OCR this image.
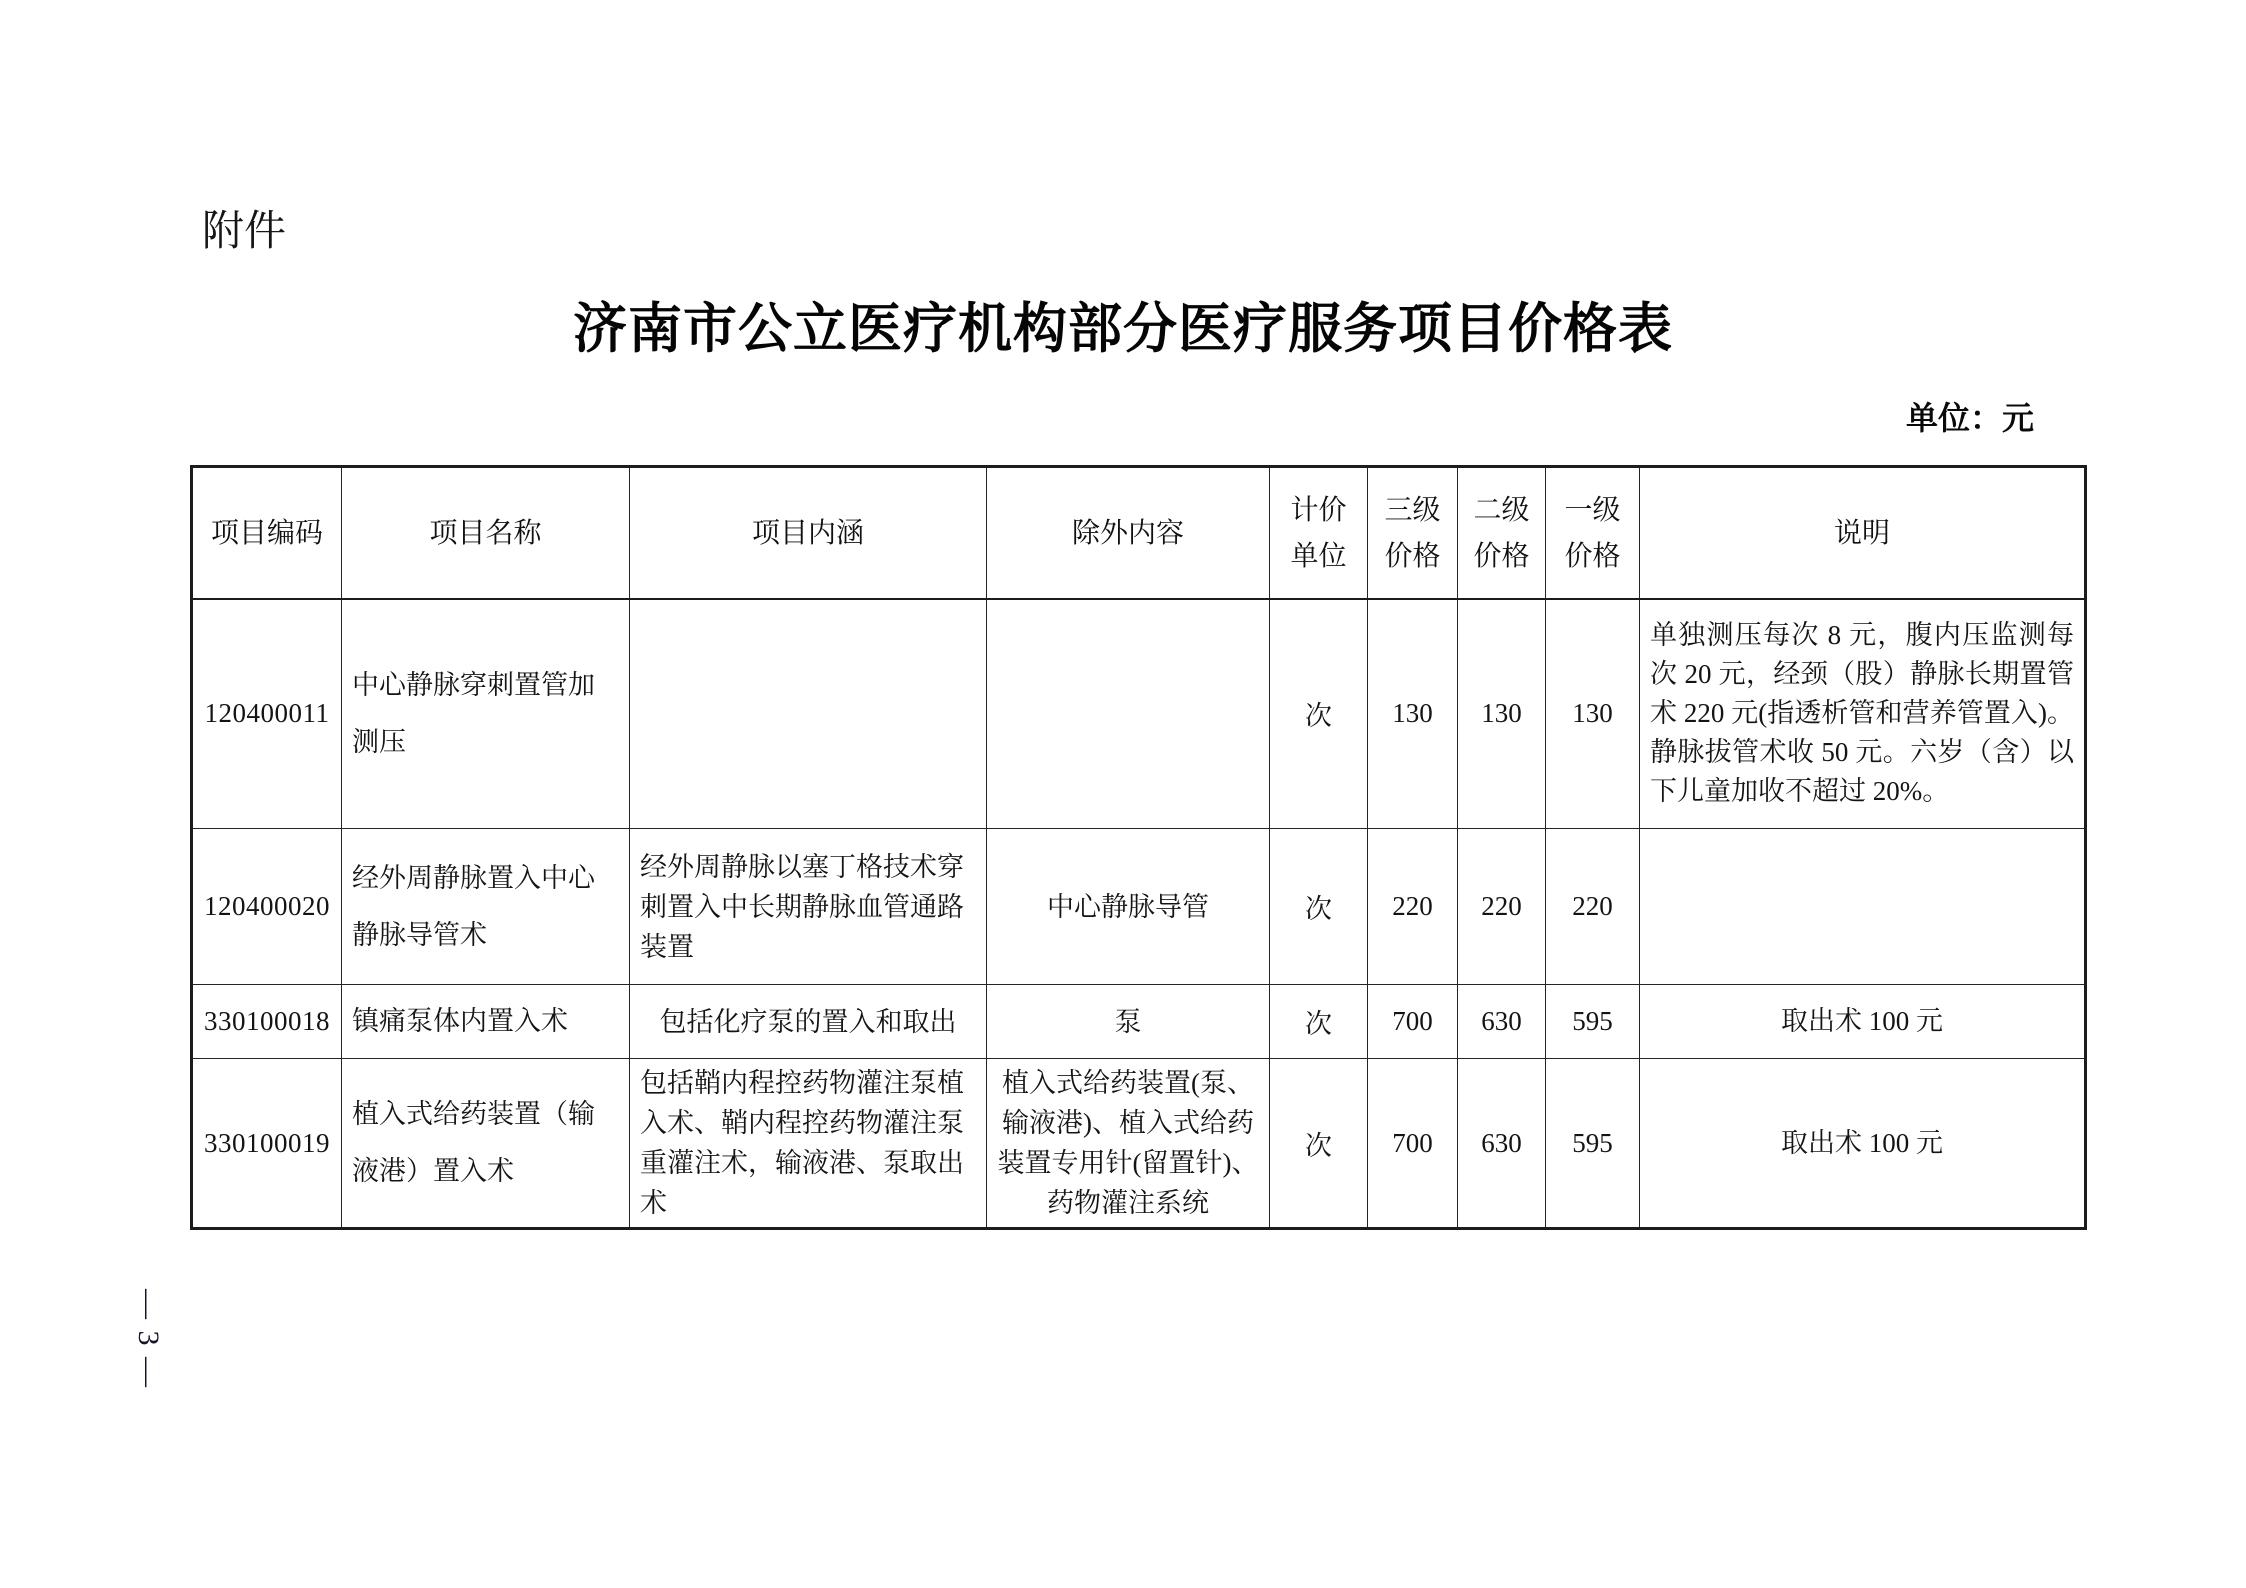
附件
济南市公立医疗机构部分医疗服务项目价格表
单位：元
项目编码	项目名称	项目内涵	除外内容	计价单位	三级价格	二级价格	一级价格	说明
120400011	中心静脉穿刺置管加测压			次	130	130	130	单独测压每次 8 元，腹内压监测每次 20 元，经颈（股）静脉长期置管术 220 元(指透析管和营养管置入)。静脉拔管术收 50 元。六岁（含）以下儿童加收不超过 20%。
120400020	经外周静脉置入中心静脉导管术	经外周静脉以塞丁格技术穿刺置入中长期静脉血管通路装置	中心静脉导管	次	220	220	220	
330100018	镇痛泵体内置入术	包括化疗泵的置入和取出	泵	次	700	630	595	取出术 100 元
330100019	植入式给药装置（输液港）置入术	包括鞘内程控药物灌注泵植入术、鞘内程控药物灌注泵重灌注术，输液港、泵取出术	植入式给药装置(泵、输液港)、植入式给药装置专用针(留置针)、药物灌注系统	次	700	630	595	取出术 100 元
— 3 —
